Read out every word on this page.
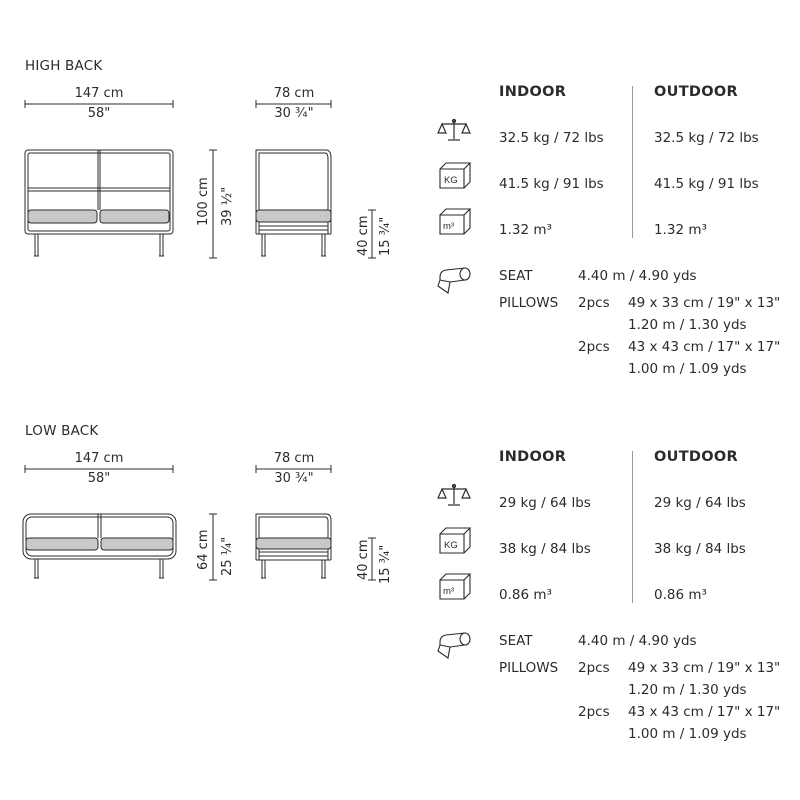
HIGH BACK
147 cm
58"
78 cm
30 ¾"
100 cm 39 ½"
40 cm 15 ¾"
INDOOR	OUTDOOR
32.5 kg / 72 lbs	32.5 kg / 72 lbs
KG	41.5 kg / 91 lbs	41.5 kg / 91 lbs
m³	1.32 m³	1.32 m³
SEAT	4.40 m / 4.90 yds
PILLOWS 2pcs 49 x 33 cm / 19" x 13"
1.20 m / 1.30 yds
2pcs 43 x 43 cm / 17" x 17"
1.00 m / 1.09 yds
LOW BACK
147 cm
58"
78 cm
30 ¾"
64 cm 25 ¼"	40 cm 15 ¾"
INDOOR	OUTDOOR
29 kg / 64 lbs	29 kg / 64 lbs
KG	38 kg / 84 lbs	38 kg / 84 lbs
m³	0.86 m³	0.86 m³
SEAT	4.40 m / 4.90 yds
PILLOWS 2pcs 49 x 33 cm / 19" x 13"
1.20 m / 1.30 yds
2pcs 43 x 43 cm / 17" x 17"
1.00 m / 1.09 yds
